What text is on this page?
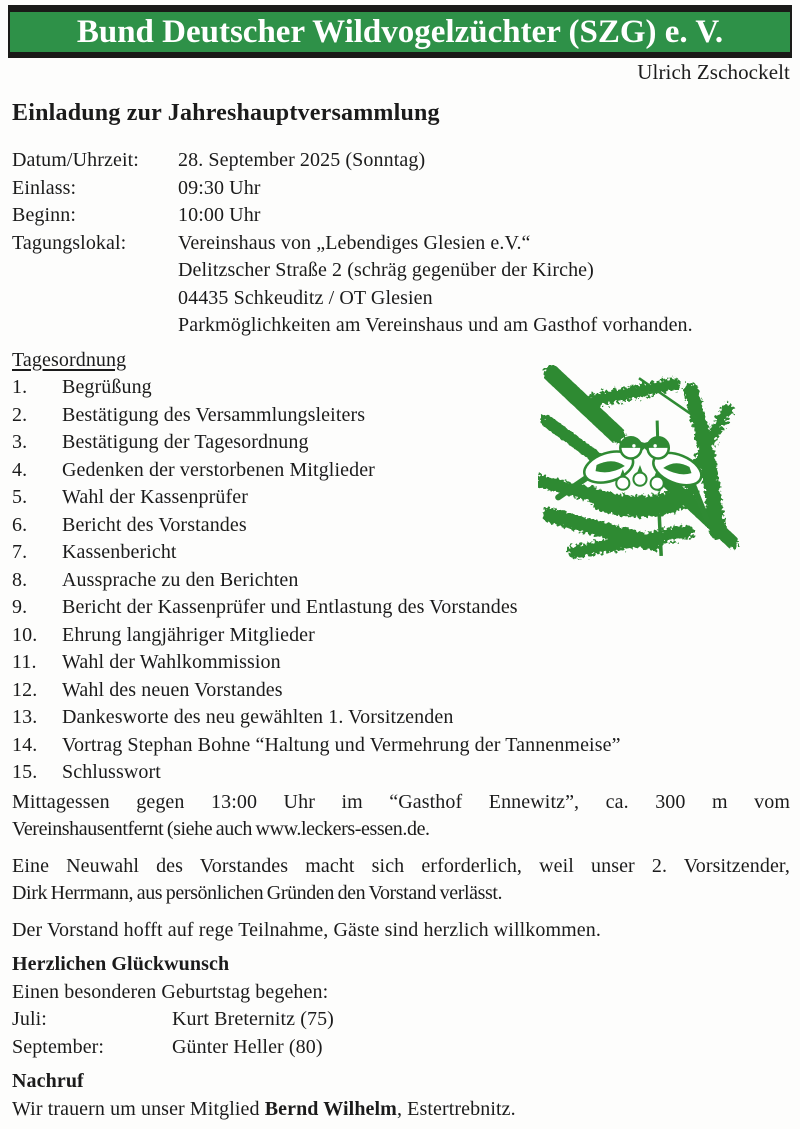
Bund Deutscher Wildvogelzüchter (SZG) e. V.
Ulrich Zschockelt
Einladung zur Jahreshauptversammlung
Datum/Uhrzeit:	28. September 2025 (Sonntag)
Einlass:	09:30 Uhr
Beginn:	10:00 Uhr
Tagungslokal:	Vereinshaus von „Lebendiges Glesien e.V.“
Delitzscher Straße 2 (schräg gegenüber der Kirche)
04435 Schkeuditz / OT Glesien
Parkmöglichkeiten am Vereinshaus und am Gasthof vorhanden.
Tagesordnung
1.	Begrüßung
2.	Bestätigung des Versammlungsleiters
3.	Bestätigung der Tagesordnung
4.	Gedenken der verstorbenen Mitglieder
5.	Wahl der Kassenprüfer
6.	Bericht des Vorstandes
7.	Kassenbericht
8.	Aussprache zu den Berichten
9.	Bericht der Kassenprüfer und Entlastung des Vorstandes
10.	Ehrung langjähriger Mitglieder
11.	Wahl der Wahlkommission
12.	Wahl des neuen Vorstandes
13.	Dankesworte des neu gewählten 1. Vorsitzenden
14.	Vortrag Stephan Bohne “Haltung und Vermehrung der Tannenmeise”
15.	Schlusswort

Mittagessen gegen 13:00 Uhr im “Gasthof Ennewitz”, ca. 300 m vom
Vereinshausentfernt (siehe auch www.leckers-essen.de.

Eine Neuwahl des Vorstandes macht sich erforderlich, weil unser 2. Vorsitzender,
Dirk Herrmann, aus persönlichen Gründen den Vorstand verlässt.

Der Vorstand hofft auf rege Teilnahme, Gäste sind herzlich willkommen.

Herzlichen Glückwunsch
Einen besonderen Geburtstag begehen:
Juli:	Kurt Breternitz (75)
September:	Günter Heller (80)
Nachruf
Wir trauern um unser Mitglied Bernd Wilhelm, Estertrebnitz.
